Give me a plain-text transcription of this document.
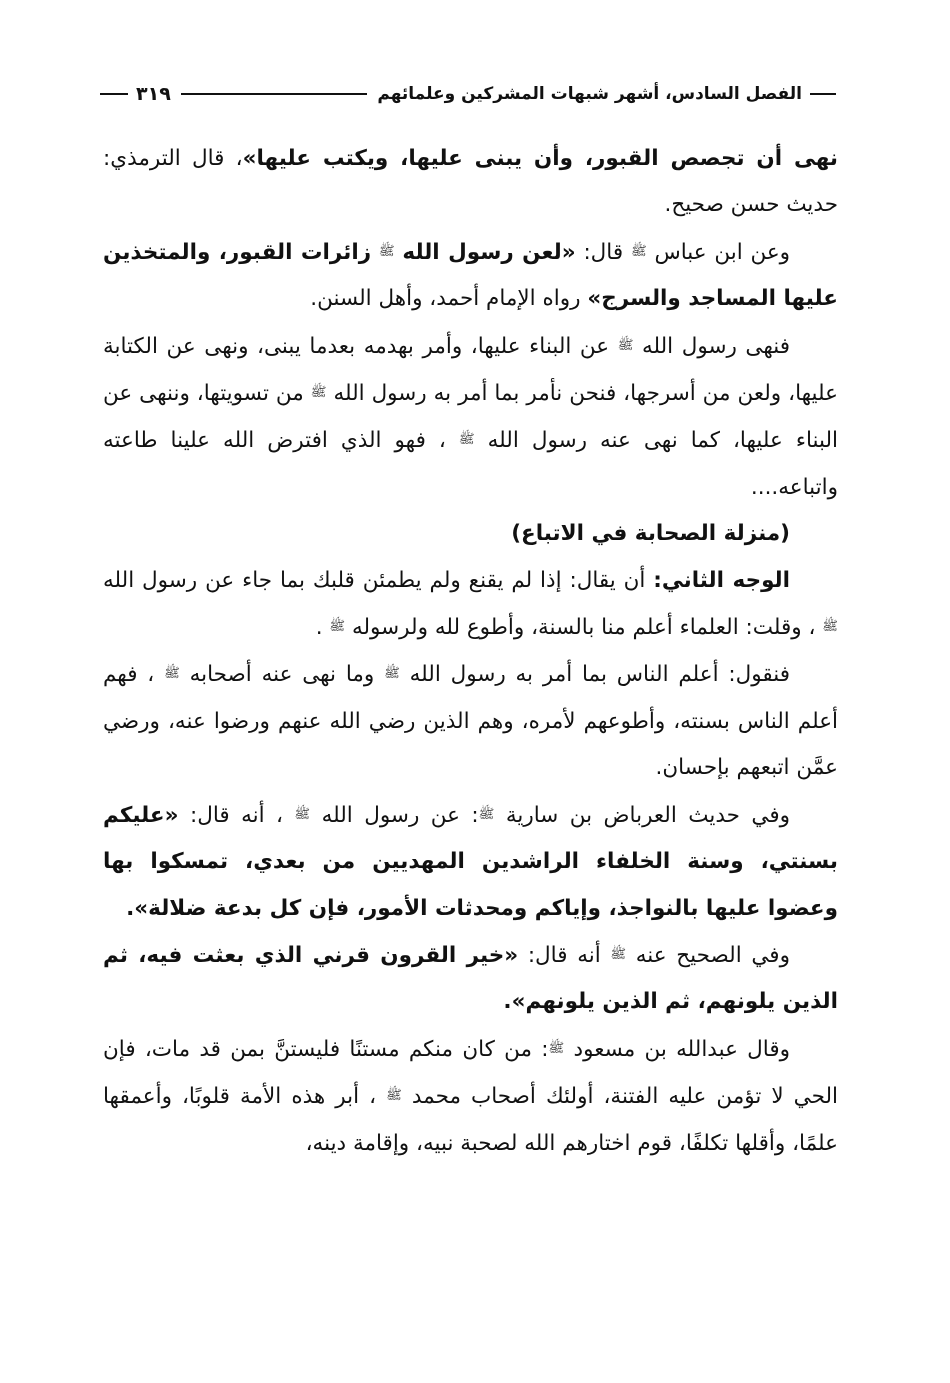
الفصل السادس، أشهر شبهات المشركين وعلمائهم
٣١٩

نهى أن تجصص القبور، وأن يبنى عليها، ويكتب عليها»، قال الترمذي: حديث حسن صحيح.

وعن ابن عباس ﷺ قال: «لعن رسول الله ﷺ زائرات القبور، والمتخذين عليها المساجد والسرج» رواه الإمام أحمد، وأهل السنن.

فنهى رسول الله ﷺ عن البناء عليها، وأمر بهدمه بعدما يبنى، ونهى عن الكتابة عليها، ولعن من أسرجها، فنحن نأمر بما أمر به رسول الله ﷺ من تسويتها، وننهى عن البناء عليها، كما نهى عنه رسول الله ﷺ ، فهو الذي افترض الله علينا طاعته واتباعه....

(منزلة الصحابة في الاتباع)

الوجه الثاني: أن يقال: إذا لم يقنع ولم يطمئن قلبك بما جاء عن رسول الله ﷺ ، وقلت: العلماء أعلم منا بالسنة، وأطوع لله ولرسوله ﷺ .

فنقول: أعلم الناس بما أمر به رسول الله ﷺ وما نهى عنه أصحابه ﷺ ، فهم أعلم الناس بسنته، وأطوعهم لأمره، وهم الذين رضي الله عنهم ورضوا عنه، ورضي عمَّن اتبعهم بإحسان.

وفي حديث العرباض بن سارية ﷺ: عن رسول الله ﷺ ، أنه قال: «عليكم بسنتي، وسنة الخلفاء الراشدين المهديين من بعدي، تمسكوا بها وعضوا عليها بالنواجذ، وإياكم ومحدثات الأمور، فإن كل بدعة ضلالة».

وفي الصحيح عنه ﷺ أنه قال: «خير القرون قرني الذي بعثت فيه، ثم الذين يلونهم، ثم الذين يلونهم».

وقال عبدالله بن مسعود ﷺ: من كان منكم مستنًا فليستنَّ بمن قد مات، فإن الحي لا تؤمن عليه الفتنة، أولئك أصحاب محمد ﷺ ، أبر هذه الأمة قلوبًا، وأعمقها علمًا، وأقلها تكلفًا، قوم اختارهم الله لصحبة نبيه، وإقامة دينه،
